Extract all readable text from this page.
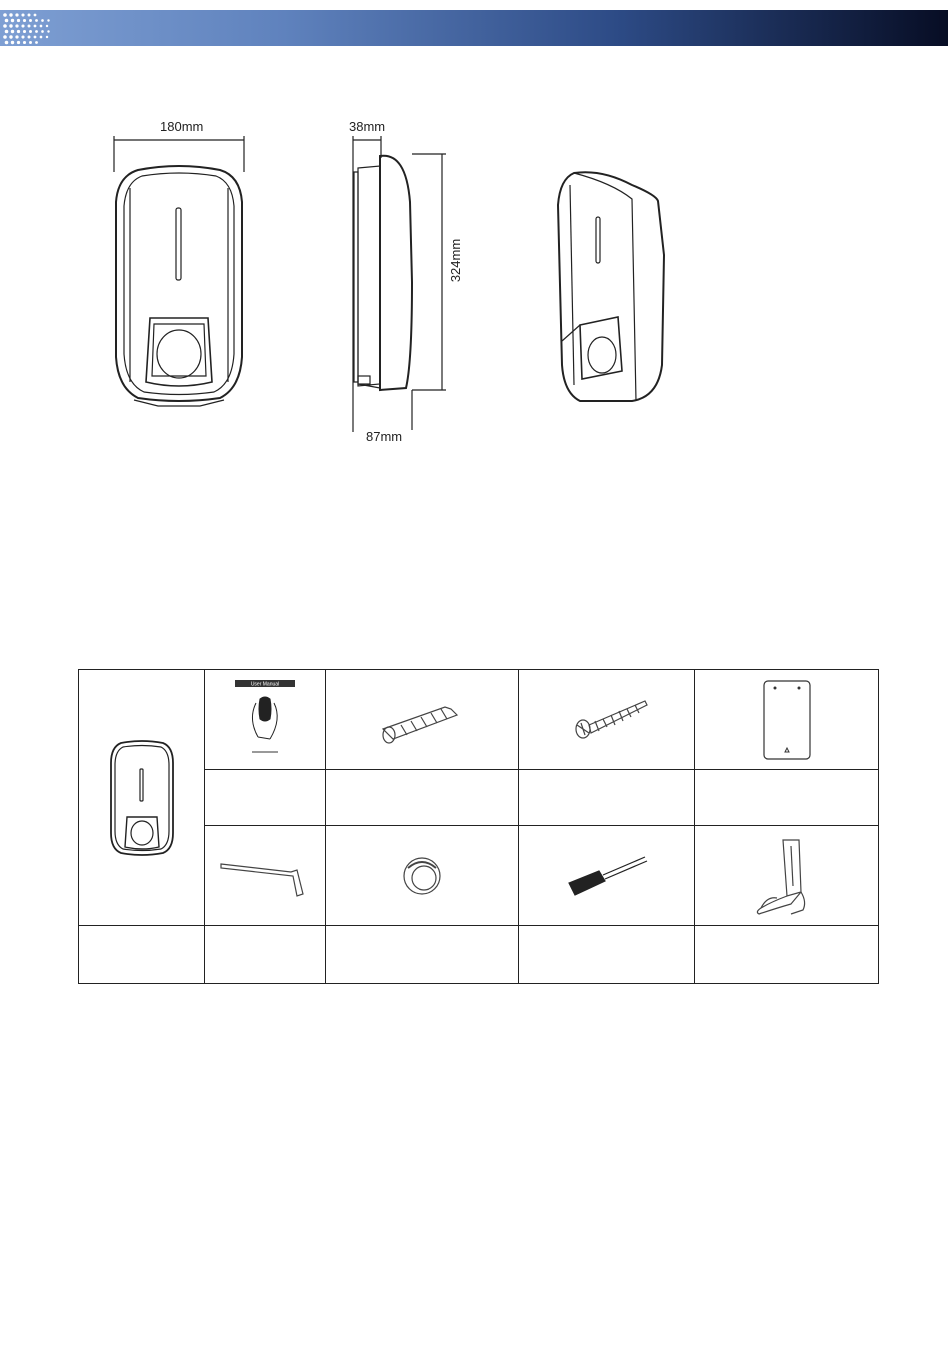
180mm	38mm
324mm
87mm

User Manual
